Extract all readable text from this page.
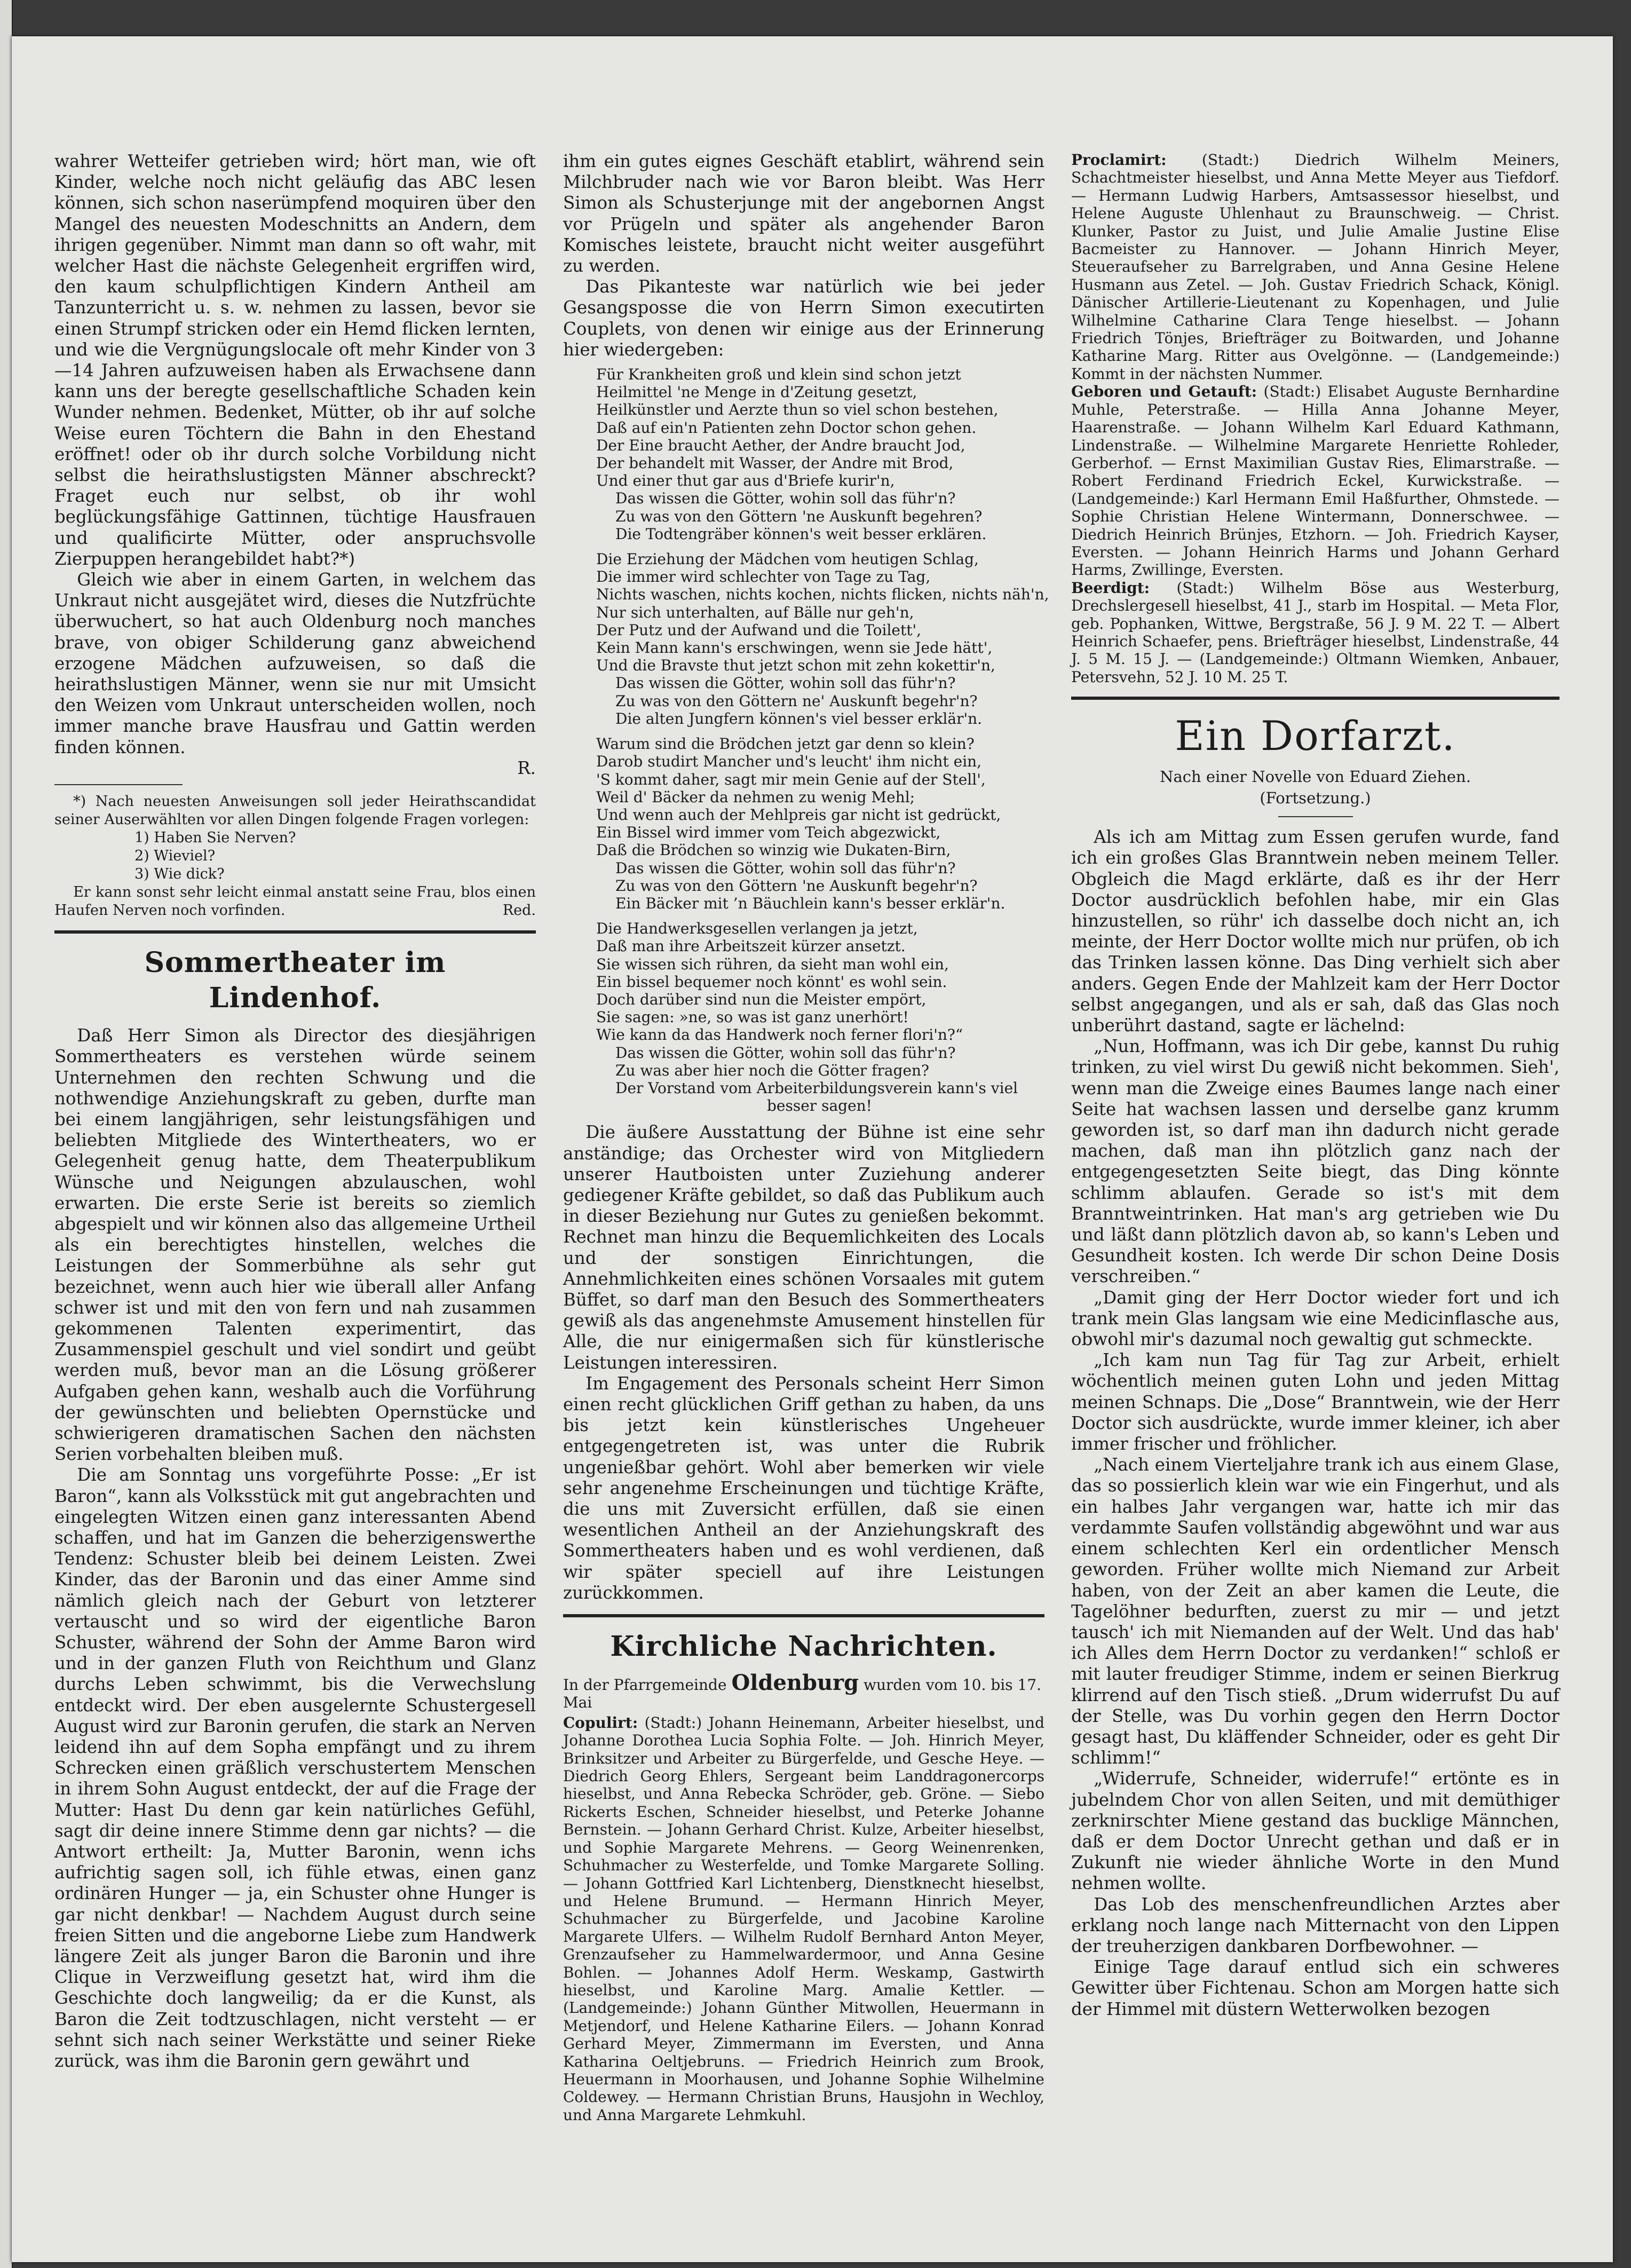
wahrer Wetteifer getrieben wird; hört man, wie oft Kinder, welche noch nicht geläufig das ABC lesen können, sich schon naserümpfend moquiren über den Mangel des neuesten Modeschnitts an Andern, dem ihrigen gegenüber. Nimmt man dann so oft wahr, mit welcher Hast die nächste Gelegenheit ergriffen wird, den kaum schulpflichtigen Kindern Antheil am Tanzunterricht u. s. w. nehmen zu lassen, bevor sie einen Strumpf stricken oder ein Hemd flicken lernten, und wie die Vergnügungslocale oft mehr Kinder von 3—14 Jahren aufzuweisen haben als Erwachsene dann kann uns der beregte gesellschaftliche Schaden kein Wunder nehmen. Bedenket, Mütter, ob ihr auf solche Weise euren Töchtern die Bahn in den Ehestand eröffnet! oder ob ihr durch solche Vorbildung nicht selbst die heirathslustigsten Männer abschreckt? Fraget euch nur selbst, ob ihr wohl beglückungsfähige Gattinnen, tüchtige Hausfrauen und qualificirte Mütter, oder anspruchsvolle Zierpuppen herangebildet habt?*)

Gleich wie aber in einem Garten, in welchem das Unkraut nicht ausgejätet wird, dieses die Nutzfrüchte überwuchert, so hat auch Oldenburg noch manches brave, von obiger Schilderung ganz abweichend erzogene Mädchen aufzuweisen, so daß die heirathslustigen Männer, wenn sie nur mit Umsicht den Weizen vom Unkraut unterscheiden wollen, noch immer manche brave Hausfrau und Gattin werden finden können.

R.

*) Nach neuesten Anweisungen soll jeder Heirathscandidat seiner Auserwählten vor allen Dingen folgende Fragen vorlegen:

1) Haben Sie Nerven?
2) Wieviel?
3) Wie dick?

Er kann sonst sehr leicht einmal anstatt seine Frau, blos einen Haufen Nerven noch vorfinden.	Red.
Sommertheater im Lindenhof.

Daß Herr Simon als Director des diesjährigen Sommertheaters es verstehen würde seinem Unternehmen den rechten Schwung und die nothwendige Anziehungskraft zu geben, durfte man bei einem langjährigen, sehr leistungsfähigen und beliebten Mitgliede des Wintertheaters, wo er Gelegenheit genug hatte, dem Theaterpublikum Wünsche und Neigungen abzulauschen, wohl erwarten. Die erste Serie ist bereits so ziemlich abgespielt und wir können also das allgemeine Urtheil als ein berechtigtes hinstellen, welches die Leistungen der Sommerbühne als sehr gut bezeichnet, wenn auch hier wie überall aller Anfang schwer ist und mit den von fern und nah zusammen gekommenen Talenten experimentirt, das Zusammenspiel geschult und viel sondirt und geübt werden muß, bevor man an die Lösung größerer Aufgaben gehen kann, weshalb auch die Vorführung der gewünschten und beliebten Opernstücke und schwierigeren dramatischen Sachen den nächsten Serien vorbehalten bleiben muß.

Die am Sonntag uns vorgeführte Posse: „Er ist Baron“, kann als Volksstück mit gut angebrachten und eingelegten Witzen einen ganz interessanten Abend schaffen, und hat im Ganzen die beherzigenswerthe Tendenz: Schuster bleib bei deinem Leisten. Zwei Kinder, das der Baronin und das einer Amme sind nämlich gleich nach der Geburt von letzterer vertauscht und so wird der eigentliche Baron Schuster, während der Sohn der Amme Baron wird und in der ganzen Fluth von Reichthum und Glanz durchs Leben schwimmt, bis die Verwechslung entdeckt wird. Der eben ausgelernte Schustergesell August wird zur Baronin gerufen, die stark an Nerven leidend ihn auf dem Sopha empfängt und zu ihrem Schrecken einen gräßlich verschustertem Menschen in ihrem Sohn August entdeckt, der auf die Frage der Mutter: Hast Du denn gar kein natürliches Gefühl, sagt dir deine innere Stimme denn gar nichts? — die Antwort ertheilt: Ja, Mutter Baronin, wenn ichs aufrichtig sagen soll, ich fühle etwas, einen ganz ordinären Hunger — ja, ein Schuster ohne Hunger is gar nicht denkbar! — Nachdem August durch seine freien Sitten und die angeborne Liebe zum Handwerk längere Zeit als junger Baron die Baronin und ihre Clique in Verzweiflung gesetzt hat, wird ihm die Geschichte doch langweilig; da er die Kunst, als Baron die Zeit todtzuschlagen, nicht versteht — er sehnt sich nach seiner Werkstätte und seiner Rieke zurück, was ihm die Baronin gern gewährt und

ihm ein gutes eignes Geschäft etablirt, während sein Milchbruder nach wie vor Baron bleibt. Was Herr Simon als Schusterjunge mit der angebornen Angst vor Prügeln und später als angehender Baron Komisches leistete, braucht nicht weiter ausgeführt zu werden.

Das Pikanteste war natürlich wie bei jeder Gesangsposse die von Herrn Simon executirten Couplets, von denen wir einige aus der Erinnerung hier wiedergeben:

Für Krankheiten groß und klein sind schon jetzt
Heilmittel 'ne Menge in d'Zeitung gesetzt,
Heilkünstler und Aerzte thun so viel schon bestehen,
Daß auf ein'n Patienten zehn Doctor schon gehen.
Der Eine braucht Aether, der Andre braucht Jod,
Der behandelt mit Wasser, der Andre mit Brod,
Und einer thut gar aus d'Briefe kurir'n,
Das wissen die Götter, wohin soll das führ'n?
Zu was von den Göttern 'ne Auskunft begehren?
Die Todtengräber können's weit besser erklären.
Die Erziehung der Mädchen vom heutigen Schlag,
Die immer wird schlechter von Tage zu Tag,
Nichts waschen, nichts kochen, nichts flicken, nichts näh'n,
Nur sich unterhalten, auf Bälle nur geh'n,
Der Putz und der Aufwand und die Toilett',
Kein Mann kann's erschwingen, wenn sie Jede hätt',
Und die Bravste thut jetzt schon mit zehn kokettir'n,
Das wissen die Götter, wohin soll das führ'n?
Zu was von den Göttern ne' Auskunft begehr'n?
Die alten Jungfern können's viel besser erklär'n.
Warum sind die Brödchen jetzt gar denn so klein?
Darob studirt Mancher und's leucht' ihm nicht ein,
'S kommt daher, sagt mir mein Genie auf der Stell',
Weil d' Bäcker da nehmen zu wenig Mehl;
Und wenn auch der Mehlpreis gar nicht ist gedrückt,
Ein Bissel wird immer vom Teich abgezwickt,
Daß die Brödchen so winzig wie Dukaten-Birn,
Das wissen die Götter, wohin soll das führ'n?
Zu was von den Göttern 'ne Auskunft begehr'n?
Ein Bäcker mit ’n Bäuchlein kann's besser erklär'n.
Die Handwerksgesellen verlangen ja jetzt,
Daß man ihre Arbeitszeit kürzer ansetzt.
Sie wissen sich rühren, da sieht man wohl ein,
Ein bissel bequemer noch könnt' es wohl sein.
Doch darüber sind nun die Meister empört,
Sie sagen: »ne, so was ist ganz unerhört!
Wie kann da das Handwerk noch ferner flori'n?“
Das wissen die Götter, wohin soll das führ'n?
Zu was aber hier noch die Götter fragen?
Der Vorstand vom Arbeiterbildungsverein kann's viel
besser sagen!

Die äußere Ausstattung der Bühne ist eine sehr anständige; das Orchester wird von Mitgliedern unserer Hautboisten unter Zuziehung anderer gediegener Kräfte gebildet, so daß das Publikum auch in dieser Beziehung nur Gutes zu genießen bekommt. Rechnet man hinzu die Bequemlichkeiten des Locals und der sonstigen Einrichtungen, die Annehmlichkeiten eines schönen Vorsaales mit gutem Büffet, so darf man den Besuch des Sommertheaters gewiß als das angenehmste Amusement hinstellen für Alle, die nur einigermaßen sich für künstlerische Leistungen interessiren.

Im Engagement des Personals scheint Herr Simon einen recht glücklichen Griff gethan zu haben, da uns bis jetzt kein künstlerisches Ungeheuer entgegengetreten ist, was unter die Rubrik ungenießbar gehört. Wohl aber bemerken wir viele sehr angenehme Erscheinungen und tüchtige Kräfte, die uns mit Zuversicht erfüllen, daß sie einen wesentlichen Antheil an der Anziehungskraft des Sommertheaters haben und es wohl verdienen, daß wir später speciell auf ihre Leistungen zurückkommen.

Kirchliche Nachrichten.
In der Pfarrgemeinde Oldenburg wurden vom 10. bis 17. Mai

Copulirt: (Stadt:) Johann Heinemann, Arbeiter hieselbst, und Johanne Dorothea Lucia Sophia Folte. — Joh. Hinrich Meyer, Brinksitzer und Arbeiter zu Bürgerfelde, und Gesche Heye. — Diedrich Georg Ehlers, Sergeant beim Landdragonercorps hieselbst, und Anna Rebecka Schröder, geb. Gröne. — Siebo Rickerts Eschen, Schneider hieselbst, und Peterke Johanne Bernstein. — Johann Gerhard Christ. Kulze, Arbeiter hieselbst, und Sophie Margarete Mehrens. — Georg Weinenrenken, Schuhmacher zu Westerfelde, und Tomke Margarete Solling. — Johann Gottfried Karl Lichtenberg, Dienstknecht hieselbst, und Helene Brumund. — Hermann Hinrich Meyer, Schuhmacher zu Bürgerfelde, und Jacobine Karoline Margarete Ulfers. — Wilhelm Rudolf Bernhard Anton Meyer, Grenzaufseher zu Hammelwardermoor, und Anna Gesine Bohlen. — Johannes Adolf Herm. Weskamp, Gastwirth hieselbst, und Karoline Marg. Amalie Kettler. — (Landgemeinde:) Johann Günther Mitwollen, Heuermann in Metjendorf, und Helene Katharine Eilers. — Johann Konrad Gerhard Meyer, Zimmermann im Eversten, und Anna Katharina Oeltjebruns. — Friedrich Heinrich zum Brook, Heuermann in Moorhausen, und Johanne Sophie Wilhelmine Coldewey. — Hermann Christian Bruns, Hausjohn in Wechloy, und Anna Margarete Lehmkuhl.

Proclamirt: (Stadt:) Diedrich Wilhelm Meiners, Schachtmeister hieselbst, und Anna Mette Meyer aus Tiefdorf. — Hermann Ludwig Harbers, Amtsassessor hieselbst, und Helene Auguste Uhlenhaut zu Braunschweig. — Christ. Klunker, Pastor zu Juist, und Julie Amalie Justine Elise Bacmeister zu Hannover. — Johann Hinrich Meyer, Steueraufseher zu Barrelgraben, und Anna Gesine Helene Husmann aus Zetel. — Joh. Gustav Friedrich Schack, Königl. Dänischer Artillerie-Lieutenant zu Kopenhagen, und Julie Wilhelmine Catharine Clara Tenge hieselbst. — Johann Friedrich Tönjes, Briefträger zu Boitwarden, und Johanne Katharine Marg. Ritter aus Ovelgönne. — (Landgemeinde:) Kommt in der nächsten Nummer.

Geboren und Getauft: (Stadt:) Elisabet Auguste Bernhardine Muhle, Peterstraße. — Hilla Anna Johanne Meyer, Haarenstraße. — Johann Wilhelm Karl Eduard Kathmann, Lindenstraße. — Wilhelmine Margarete Henriette Rohleder, Gerberhof. — Ernst Maximilian Gustav Ries, Elimarstraße. — Robert Ferdinand Friedrich Eckel, Kurwickstraße. — (Landgemeinde:) Karl Hermann Emil Haßfurther, Ohmstede. — Sophie Christian Helene Wintermann, Donnerschwee. — Diedrich Heinrich Brünjes, Etzhorn. — Joh. Friedrich Kayser, Eversten. — Johann Heinrich Harms und Johann Gerhard Harms, Zwillinge, Eversten.

Beerdigt: (Stadt:) Wilhelm Böse aus Westerburg, Drechslergesell hieselbst, 41 J., starb im Hospital. — Meta Flor, geb. Pophanken, Wittwe, Bergstraße, 56 J. 9 M. 22 T. — Albert Heinrich Schaefer, pens. Briefträger hieselbst, Lindenstraße, 44 J. 5 M. 15 J. — (Landgemeinde:) Oltmann Wiemken, Anbauer, Petersvehn, 52 J. 10 M. 25 T.

Ein Dorfarzt.
Nach einer Novelle von Eduard Ziehen.
(Fortsetzung.)

Als ich am Mittag zum Essen gerufen wurde, fand ich ein großes Glas Branntwein neben meinem Teller. Obgleich die Magd erklärte, daß es ihr der Herr Doctor ausdrücklich befohlen habe, mir ein Glas hinzustellen, so rühr' ich dasselbe doch nicht an, ich meinte, der Herr Doctor wollte mich nur prüfen, ob ich das Trinken lassen könne. Das Ding verhielt sich aber anders. Gegen Ende der Mahlzeit kam der Herr Doctor selbst angegangen, und als er sah, daß das Glas noch unberührt dastand, sagte er lächelnd:

„Nun, Hoffmann, was ich Dir gebe, kannst Du ruhig trinken, zu viel wirst Du gewiß nicht bekommen. Sieh', wenn man die Zweige eines Baumes lange nach einer Seite hat wachsen lassen und derselbe ganz krumm geworden ist, so darf man ihn dadurch nicht gerade machen, daß man ihn plötzlich ganz nach der entgegengesetzten Seite biegt, das Ding könnte schlimm ablaufen. Gerade so ist's mit dem Branntweintrinken. Hat man's arg getrieben wie Du und läßt dann plötzlich davon ab, so kann's Leben und Gesundheit kosten. Ich werde Dir schon Deine Dosis verschreiben.“

„Damit ging der Herr Doctor wieder fort und ich trank mein Glas langsam wie eine Medicinflasche aus, obwohl mir's dazumal noch gewaltig gut schmeckte.

„Ich kam nun Tag für Tag zur Arbeit, erhielt wöchentlich meinen guten Lohn und jeden Mittag meinen Schnaps. Die „Dose“ Branntwein, wie der Herr Doctor sich ausdrückte, wurde immer kleiner, ich aber immer frischer und fröhlicher.

„Nach einem Vierteljahre trank ich aus einem Glase, das so possierlich klein war wie ein Fingerhut, und als ein halbes Jahr vergangen war, hatte ich mir das verdammte Saufen vollständig abgewöhnt und war aus einem schlechten Kerl ein ordentlicher Mensch geworden. Früher wollte mich Niemand zur Arbeit haben, von der Zeit an aber kamen die Leute, die Tagelöhner bedurften, zuerst zu mir — und jetzt tausch' ich mit Niemanden auf der Welt. Und das hab' ich Alles dem Herrn Doctor zu verdanken!“ schloß er mit lauter freudiger Stimme, indem er seinen Bierkrug klirrend auf den Tisch stieß. „Drum widerrufst Du auf der Stelle, was Du vorhin gegen den Herrn Doctor gesagt hast, Du kläffender Schneider, oder es geht Dir schlimm!“

„Widerrufe, Schneider, widerrufe!“ ertönte es in jubelndem Chor von allen Seiten, und mit demüthiger zerknirschter Miene gestand das bucklige Männchen, daß er dem Doctor Unrecht gethan und daß er in Zukunft nie wieder ähnliche Worte in den Mund nehmen wollte.

Das Lob des menschenfreundlichen Arztes aber erklang noch lange nach Mitternacht von den Lippen der treuherzigen dankbaren Dorfbewohner. —

Einige Tage darauf entlud sich ein schweres Gewitter über Fichtenau. Schon am Morgen hatte sich der Himmel mit düstern Wetterwolken bezogen
